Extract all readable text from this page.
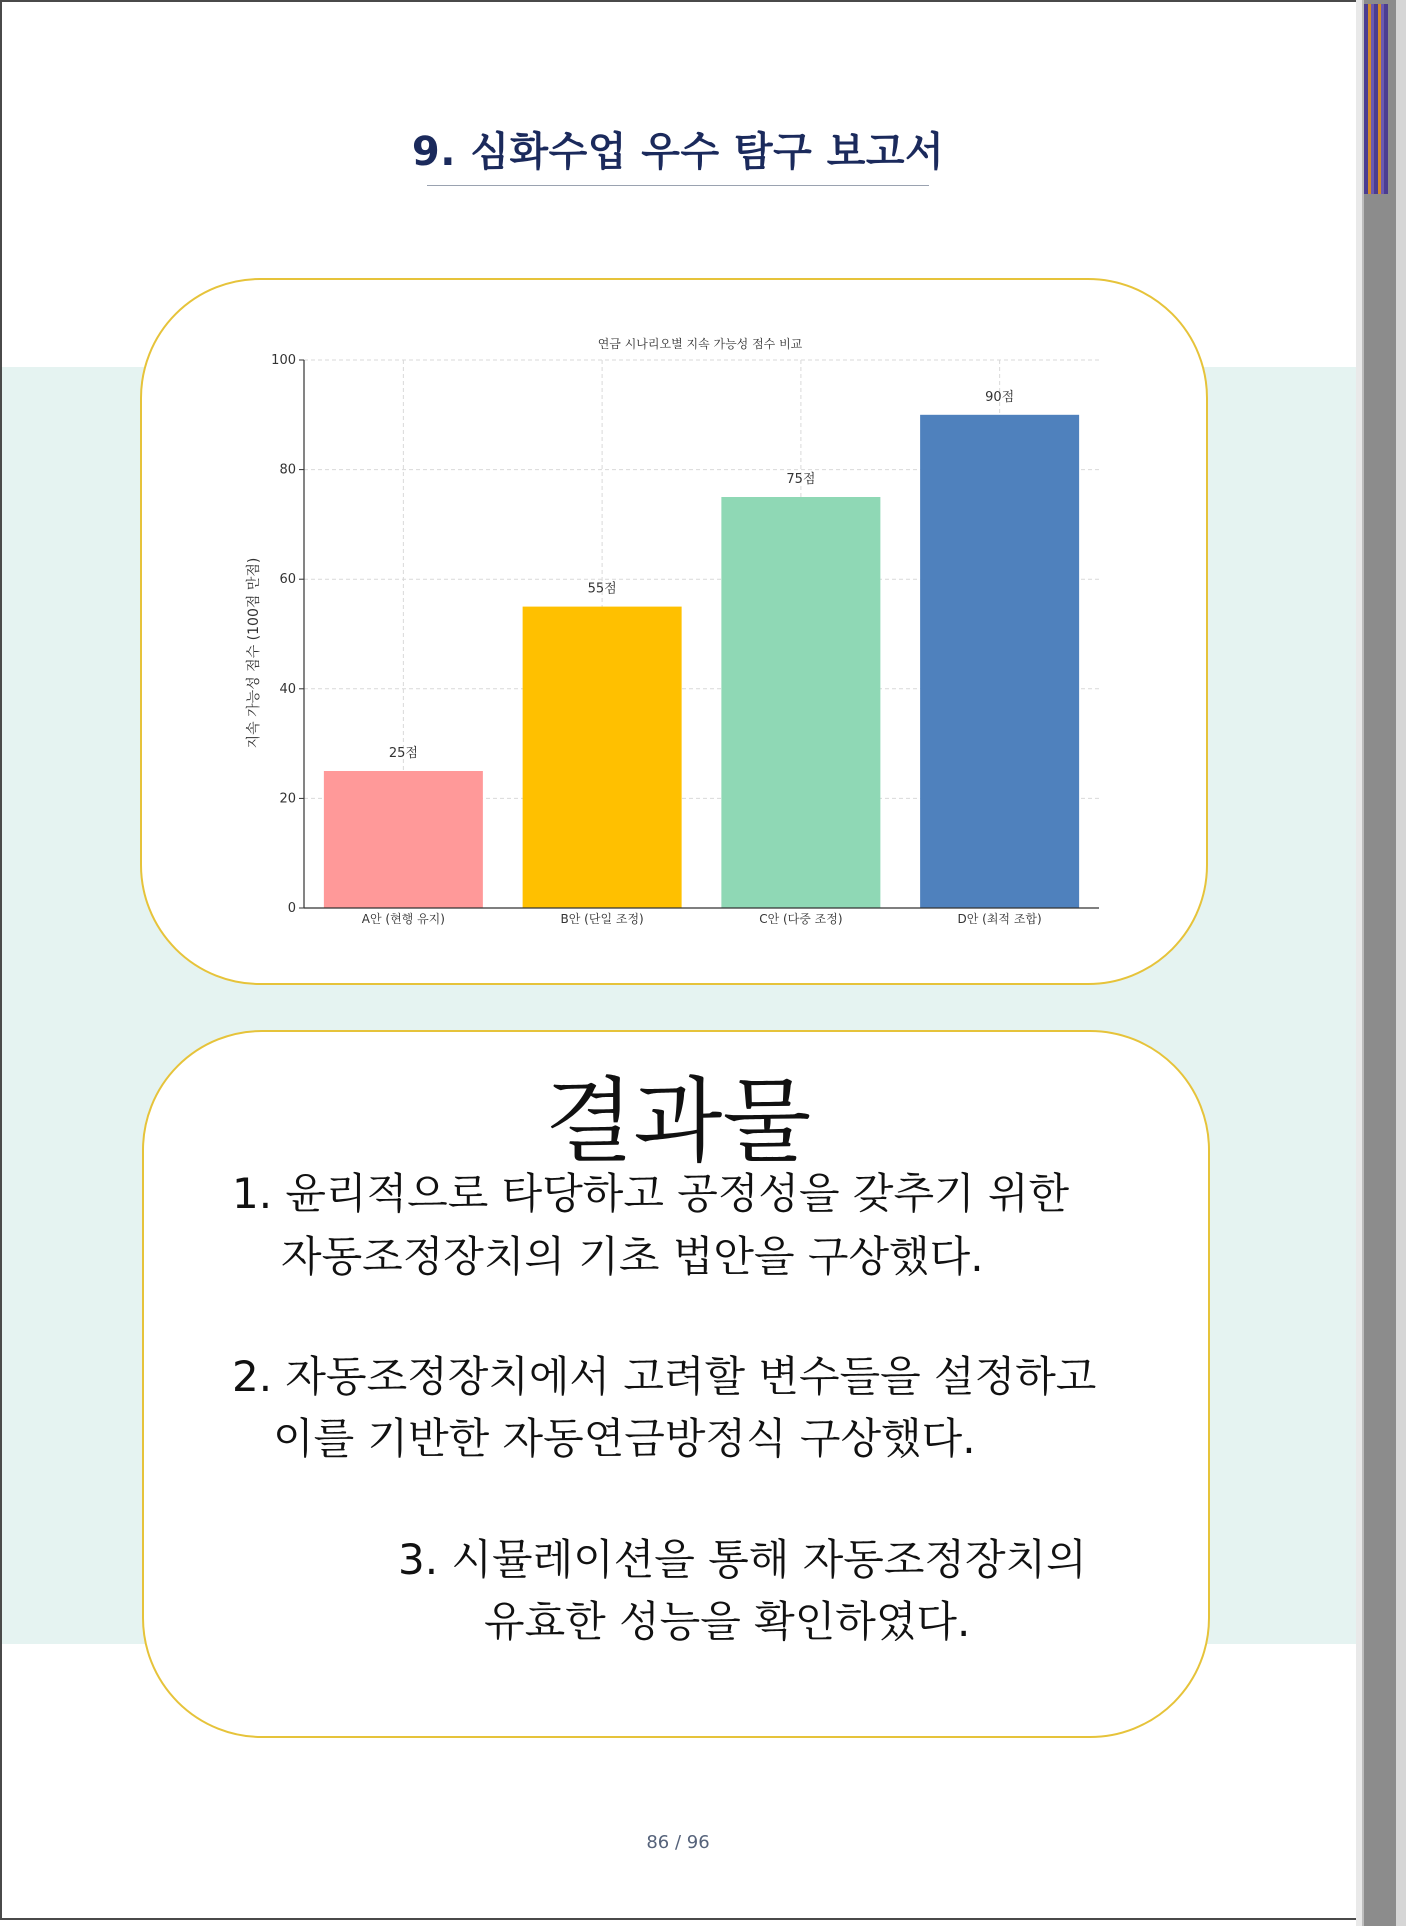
9. 심화수업 우수 탐구 보고서
연금 시나리오별 지속 가능성 점수 비교
지속 가능성 점수 (100점 만점)
25점
55점
75점
90점
A안 (현행 유지)	B안 (단일 조정)	C안 (다중 조정)	D안 (최적 조합)
0
20
40
60
80
100
결과물
1. 윤리적으로 타당하고 공정성을 갖추기 위한
자동조정장치의 기초 법안을 구상했다.
2. 자동조정장치에서 고려할 변수들을 설정하고
이를 기반한 자동연금방정식 구상했다.
3. 시뮬레이션을 통해 자동조정장치의
유효한 성능을 확인하였다.
86 / 96
